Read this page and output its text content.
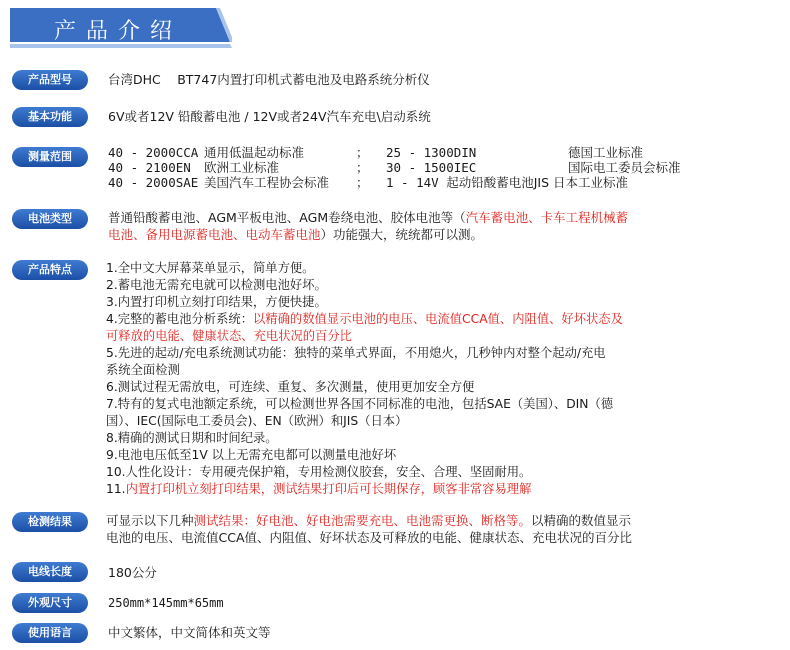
产品介绍
产品型号	台湾DHC　 BT747内置打印机式蓄电池及电路系统分析仪
基本功能	6V或者12V 铅酸蓄电池 / 12V或者24V汽车充电\启动系统
测量范围	40 - 2000CCA	通用低温起动标准	；	25 - 1300DIN	德国工业标准
40 - 2100EN	欧洲工业标准	；	30 - 1500IEC	国际电工委员会标准
40 - 2000SAE	美国汽车工程协会标准	；	1 - 14V 起动铅酸蓄电池JIS 日本工业标准	
电池类型	普通铅酸蓄电池、AGM平板电池、AGM卷绕电池、胶体电池等（汽车蓄电池、卡车工程机械蓄
电池、备用电源蓄电池、电动车蓄电池）功能强大，统统都可以测。
产品特点	1.全中文大屏幕菜单显示，简单方便。
2.蓄电池无需充电就可以检测电池好坏。
3.内置打印机立刻打印结果，方便快捷。
4.完整的蓄电池分析系统：以精确的数值显示电池的电压、电流值CCA值、内阻值、好坏状态及
可释放的电能、健康状态、充电状况的百分比
5.先进的起动/充电系统测试功能：独特的菜单式界面，不用熄火，几秒钟内对整个起动/充电
系统全面检测
6.测试过程无需放电，可连续、重复、多次测量，使用更加安全方便
7.特有的复式电池额定系统，可以检测世界各国不同标准的电池，包括SAE（美国）、DIN（德
国）、IEC(国际电工委员会)、EN（欧洲）和JIS（日本）
8.精确的测试日期和时间纪录。
9.电池电压低至1V 以上无需充电都可以测量电池好坏
10.人性化设计：专用硬壳保护箱，专用检测仪胶套，安全、合理、坚固耐用。
11.内置打印机立刻打印结果，测试结果打印后可长期保存，顾客非常容易理解
检测结果	可显示以下几种测试结果：好电池、好电池需要充电、电池需更换、断格等。以精确的数值显示
电池的电压、电流值CCA值、内阻值、好坏状态及可释放的电能、健康状态、充电状况的百分比
电线长度	180公分
外观尺寸	250mm*145mm*65mm
使用语言	中文繁体，中文简体和英文等
